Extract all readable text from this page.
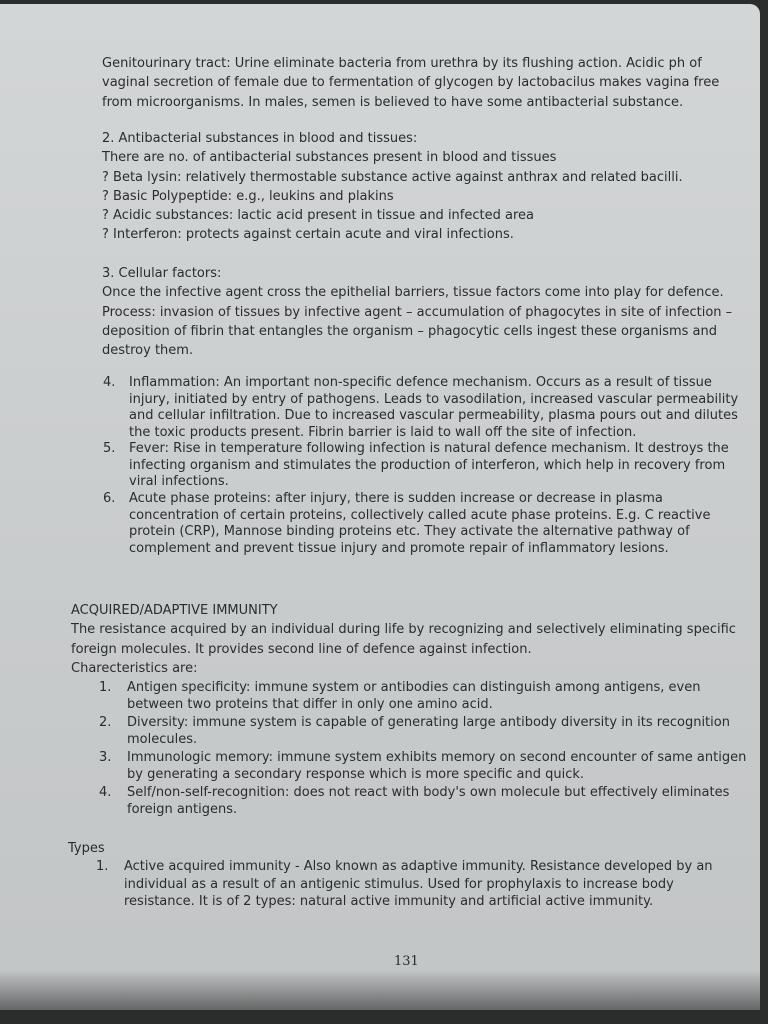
Genitourinary tract: Urine eliminate bacteria from urethra by its flushing action. Acidic ph of vaginal secretion of female due to fermentation of glycogen by lactobacilus makes vagina free from microorganisms. In males, semen is believed to have some antibacterial substance.

2. Antibacterial substances in blood and tissues:

There are no. of antibacterial substances present in blood and tissues

? Beta lysin: relatively thermostable substance active against anthrax and related bacilli.

? Basic Polypeptide: e.g., leukins and plakins

? Acidic substances: lactic acid present in tissue and infected area

? Interferon: protects against certain acute and viral infections.

3. Cellular factors:

Once the infective agent cross the epithelial barriers, tissue factors come into play for defence.

Process: invasion of tissues by infective agent – accumulation of phagocytes in site of infection – deposition of fibrin that entangles the organism – phagocytic cells ingest these organisms and destroy them.

4. Inflammation: An important non-specific defence mechanism. Occurs as a result of tissue injury, initiated by entry of pathogens. Leads to vasodilation, increased vascular permeability and cellular infiltration. Due to increased vascular permeability, plasma pours out and dilutes the toxic products present. Fibrin barrier is laid to wall off the site of infection.
5. Fever: Rise in temperature following infection is natural defence mechanism. It destroys the infecting organism and stimulates the production of interferon, which help in recovery from viral infections.
6. Acute phase proteins: after injury, there is sudden increase or decrease in plasma concentration of certain proteins, collectively called acute phase proteins. E.g. C reactive protein (CRP), Mannose binding proteins etc. They activate the alternative pathway of complement and prevent tissue injury and promote repair of inflammatory lesions.

ACQUIRED/ADAPTIVE IMMUNITY

The resistance acquired by an individual during life by recognizing and selectively eliminating specific foreign molecules. It provides second line of defence against infection.

Charecteristics are:

1. Antigen specificity: immune system or antibodies can distinguish among antigens, even between two proteins that differ in only one amino acid.
2. Diversity: immune system is capable of generating large antibody diversity in its recognition molecules.
3. Immunologic memory: immune system exhibits memory on second encounter of same antigen by generating a secondary response which is more specific and quick.
4. Self/non-self-recognition: does not react with body's own molecule but effectively eliminates foreign antigens.

Types

1. Active acquired immunity - Also known as adaptive immunity. Resistance developed by an individual as a result of an antigenic stimulus. Used for prophylaxis to increase body resistance. It is of 2 types: natural active immunity and artificial active immunity.
131
